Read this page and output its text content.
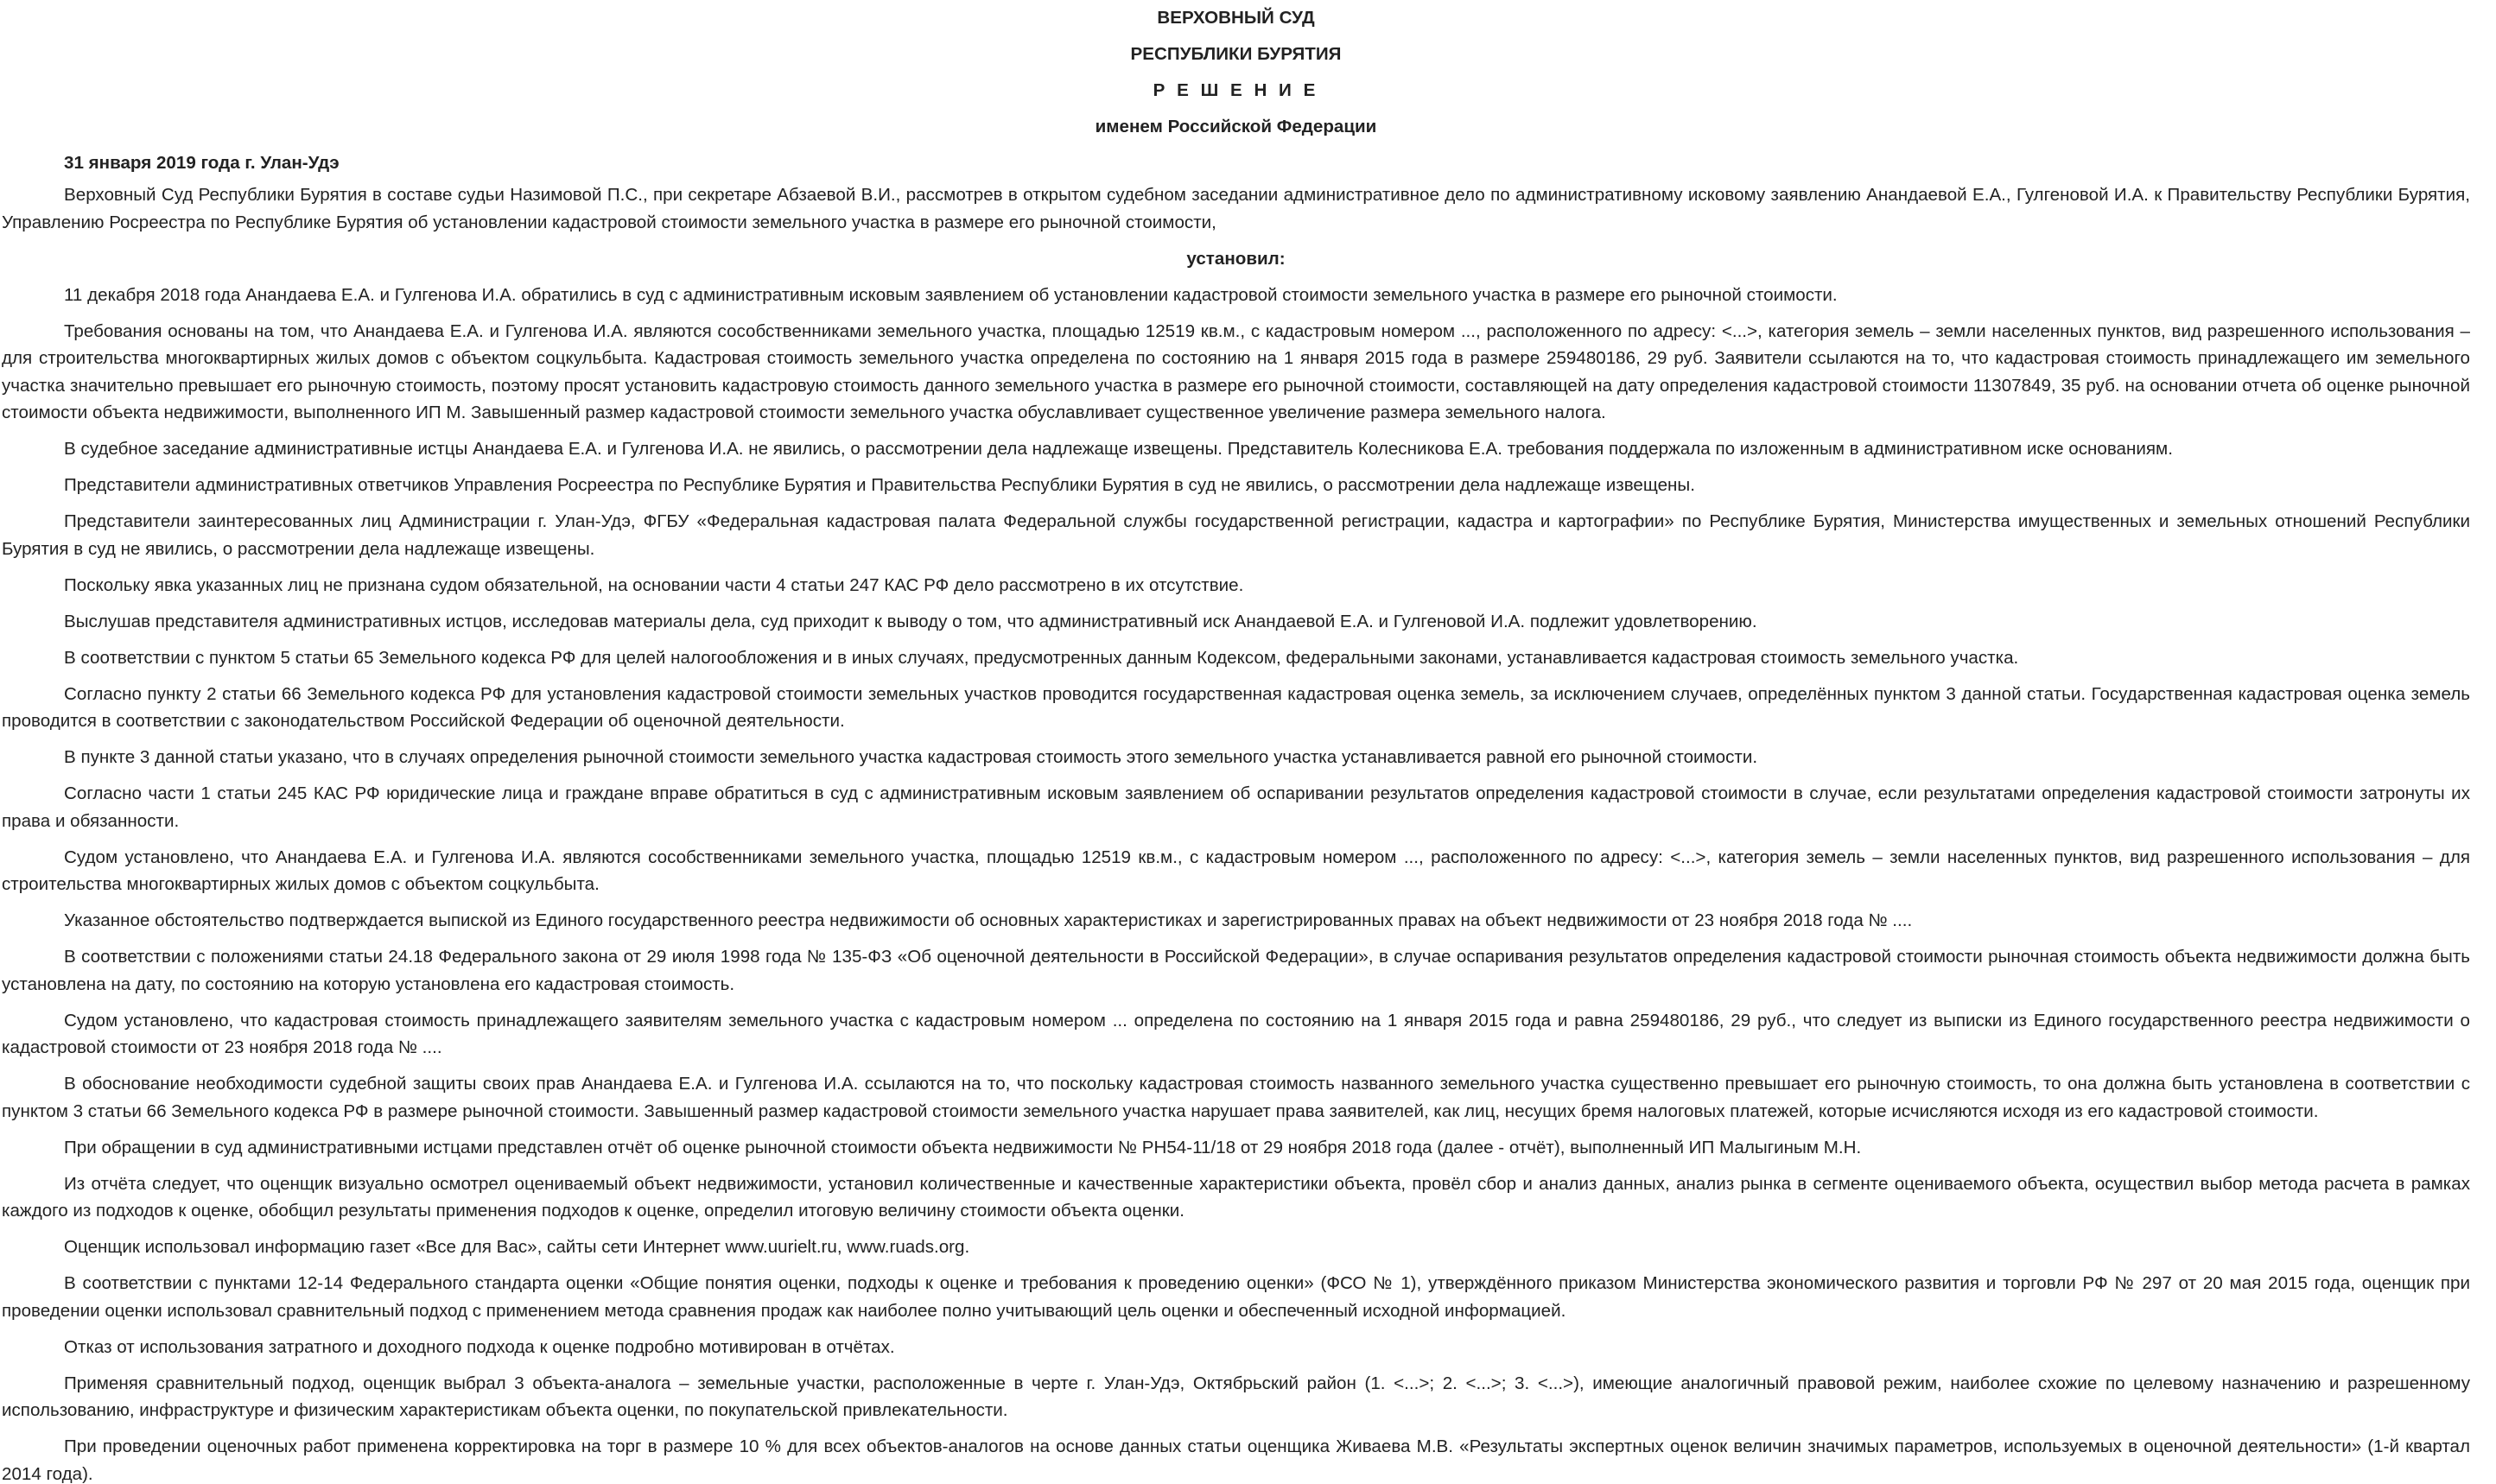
ВЕРХОВНЫЙ СУД

РЕСПУБЛИКИ БУРЯТИЯ

Р Е Ш Е Н И Е

именем Российской Федерации

31 января 2019 года г. Улан-Удэ

Верховный Суд Республики Бурятия в составе судьи Назимовой П.С., при секретаре Абзаевой В.И., рассмотрев в открытом судебном заседании административное дело по административному исковому заявлению Анандаевой Е.А., Гулгеновой И.А. к Правительству Республики Бурятия, Управлению Росреестра по Республике Бурятия об установлении кадастровой стоимости земельного участка в размере его рыночной стоимости,

установил:

11 декабря 2018 года Анандаева Е.А. и Гулгенова И.А. обратились в суд с административным исковым заявлением об установлении кадастровой стоимости земельного участка в размере его рыночной стоимости.

Требования основаны на том, что Анандаева Е.А. и Гулгенова И.А. являются сособственниками земельного участка, площадью 12519 кв.м., с кадастровым номером ..., расположенного по адресу: <...>, категория земель – земли населенных пунктов, вид разрешенного использования – для строительства многоквартирных жилых домов с объектом соцкульбыта. Кадастровая стоимость земельного участка определена по состоянию на 1 января 2015 года в размере 259480186, 29 руб. Заявители ссылаются на то, что кадастровая стоимость принадлежащего им земельного участка значительно превышает его рыночную стоимость, поэтому просят установить кадастровую стоимость данного земельного участка в размере его рыночной стоимости, составляющей на дату определения кадастровой стоимости 11307849, 35 руб. на основании отчета об оценке рыночной стоимости объекта недвижимости, выполненного ИП М. Завышенный размер кадастровой стоимости земельного участка обуславливает существенное увеличение размера земельного налога.

В судебное заседание административные истцы Анандаева Е.А. и Гулгенова И.А. не явились, о рассмотрении дела надлежаще извещены. Представитель Колесникова Е.А. требования поддержала по изложенным в административном иске основаниям.

Представители административных ответчиков Управления Росреестра по Республике Бурятия и Правительства Республики Бурятия в суд не явились, о рассмотрении дела надлежаще извещены.

Представители заинтересованных лиц Администрации г. Улан-Удэ, ФГБУ «Федеральная кадастровая палата Федеральной службы государственной регистрации, кадастра и картографии» по Республике Бурятия, Министерства имущественных и земельных отношений Республики Бурятия в суд не явились, о рассмотрении дела надлежаще извещены.

Поскольку явка указанных лиц не признана судом обязательной, на основании части 4 статьи 247 КАС РФ дело рассмотрено в их отсутствие.

Выслушав представителя административных истцов, исследовав материалы дела, суд приходит к выводу о том, что административный иск Анандаевой Е.А. и Гулгеновой И.А. подлежит удовлетворению.

В соответствии с пунктом 5 статьи 65 Земельного кодекса РФ для целей налогообложения и в иных случаях, предусмотренных данным Кодексом, федеральными законами, устанавливается кадастровая стоимость земельного участка.

Согласно пункту 2 статьи 66 Земельного кодекса РФ для установления кадастровой стоимости земельных участков проводится государственная кадастровая оценка земель, за исключением случаев, определённых пунктом 3 данной статьи. Государственная кадастровая оценка земель проводится в соответствии с законодательством Российской Федерации об оценочной деятельности.

В пункте 3 данной статьи указано, что в случаях определения рыночной стоимости земельного участка кадастровая стоимость этого земельного участка устанавливается равной его рыночной стоимости.

Согласно части 1 статьи 245 КАС РФ юридические лица и граждане вправе обратиться в суд с административным исковым заявлением об оспаривании результатов определения кадастровой стоимости в случае, если результатами определения кадастровой стоимости затронуты их права и обязанности.

Судом установлено, что Анандаева Е.А. и Гулгенова И.А. являются сособственниками земельного участка, площадью 12519 кв.м., с кадастровым номером ..., расположенного по адресу: <...>, категория земель – земли населенных пунктов, вид разрешенного использования – для строительства многоквартирных жилых домов с объектом соцкульбыта.

Указанное обстоятельство подтверждается выпиской из Единого государственного реестра недвижимости об основных характеристиках и зарегистрированных правах на объект недвижимости от 23 ноября 2018 года № ....

В соответствии с положениями статьи 24.18 Федерального закона от 29 июля 1998 года № 135-ФЗ «Об оценочной деятельности в Российской Федерации», в случае оспаривания результатов определения кадастровой стоимости рыночная стоимость объекта недвижимости должна быть установлена на дату, по состоянию на которую установлена его кадастровая стоимость.

Судом установлено, что кадастровая стоимость принадлежащего заявителям земельного участка с кадастровым номером ... определена по состоянию на 1 января 2015 года и равна 259480186, 29 руб., что следует из выписки из Единого государственного реестра недвижимости о кадастровой стоимости от 23 ноября 2018 года № ....

В обоснование необходимости судебной защиты своих прав Анандаева Е.А. и Гулгенова И.А. ссылаются на то, что поскольку кадастровая стоимость названного земельного участка существенно превышает его рыночную стоимость, то она должна быть установлена в соответствии с пунктом 3 статьи 66 Земельного кодекса РФ в размере рыночной стоимости. Завышенный размер кадастровой стоимости земельного участка нарушает права заявителей, как лиц, несущих бремя налоговых платежей, которые исчисляются исходя из его кадастровой стоимости.

При обращении в суд административными истцами представлен отчёт об оценке рыночной стоимости объекта недвижимости № РН54-11/18 от 29 ноября 2018 года (далее - отчёт), выполненный ИП Малыгиным М.Н.

Из отчёта следует, что оценщик визуально осмотрел оцениваемый объект недвижимости, установил количественные и качественные характеристики объекта, провёл сбор и анализ данных, анализ рынка в сегменте оцениваемого объекта, осуществил выбор метода расчета в рамках каждого из подходов к оценке, обобщил результаты применения подходов к оценке, определил итоговую величину стоимости объекта оценки.

Оценщик использовал информацию газет «Все для Вас», сайты сети Интернет www.uurielt.ru, www.ruads.org.

В соответствии с пунктами 12-14 Федерального стандарта оценки «Общие понятия оценки, подходы к оценке и требования к проведению оценки» (ФСО № 1), утверждённого приказом Министерства экономического развития и торговли РФ № 297 от 20 мая 2015 года, оценщик при проведении оценки использовал сравнительный подход с применением метода сравнения продаж как наиболее полно учитывающий цель оценки и обеспеченный исходной информацией.

Отказ от использования затратного и доходного подхода к оценке подробно мотивирован в отчётах.

Применяя сравнительный подход, оценщик выбрал 3 объекта-аналога – земельные участки, расположенные в черте г. Улан-Удэ, Октябрьский район (1. <...>; 2. <...>; 3. <...>), имеющие аналогичный правовой режим, наиболее схожие по целевому назначению и разрешенному использованию, инфраструктуре и физическим характеристикам объекта оценки, по покупательской привлекательности.

При проведении оценочных работ применена корректировка на торг в размере 10 % для всех объектов-аналогов на основе данных статьи оценщика Живаева М.В. «Результаты экспертных оценок величин значимых параметров, используемых в оценочной деятельности» (1-й квартал 2014 года).
